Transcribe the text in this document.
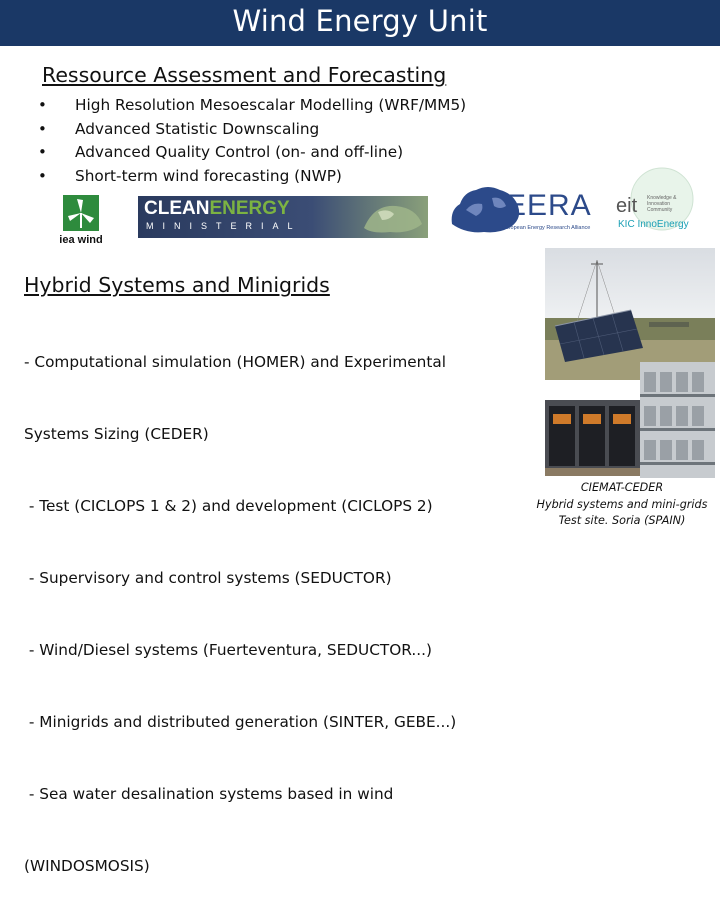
Wind Energy Unit
Ressource Assessment and Forecasting
• High Resolution Mesoescalar Modelling (WRF/MM5)
• Advanced Statistic Downscaling
• Advanced Quality Control (on- and off-line)
• Short-term wind forecasting (NWP)
iea wind
CLEANENERGY
MINISTERIAL
EERA
European Energy Research Alliance
eit Knowledge &
Innovation
Community
KIC InnoEnergy
Hybrid Systems and Minigrids

- Computational simulation (HOMER) and Experimental

Systems Sizing (CEDER)

- Test (CICLOPS 1 & 2) and development (CICLOPS 2)

- Supervisory and control systems (SEDUCTOR)

- Wind/Diesel systems (Fuerteventura, SEDUCTOR...)

- Minigrids and distributed generation (SINTER, GEBE...)

- Sea water desalination systems based in wind

(WINDOSMOSIS)

CIEMAT-CEDER
Hybrid systems and mini-grids
Test site. Soria (SPAIN)
